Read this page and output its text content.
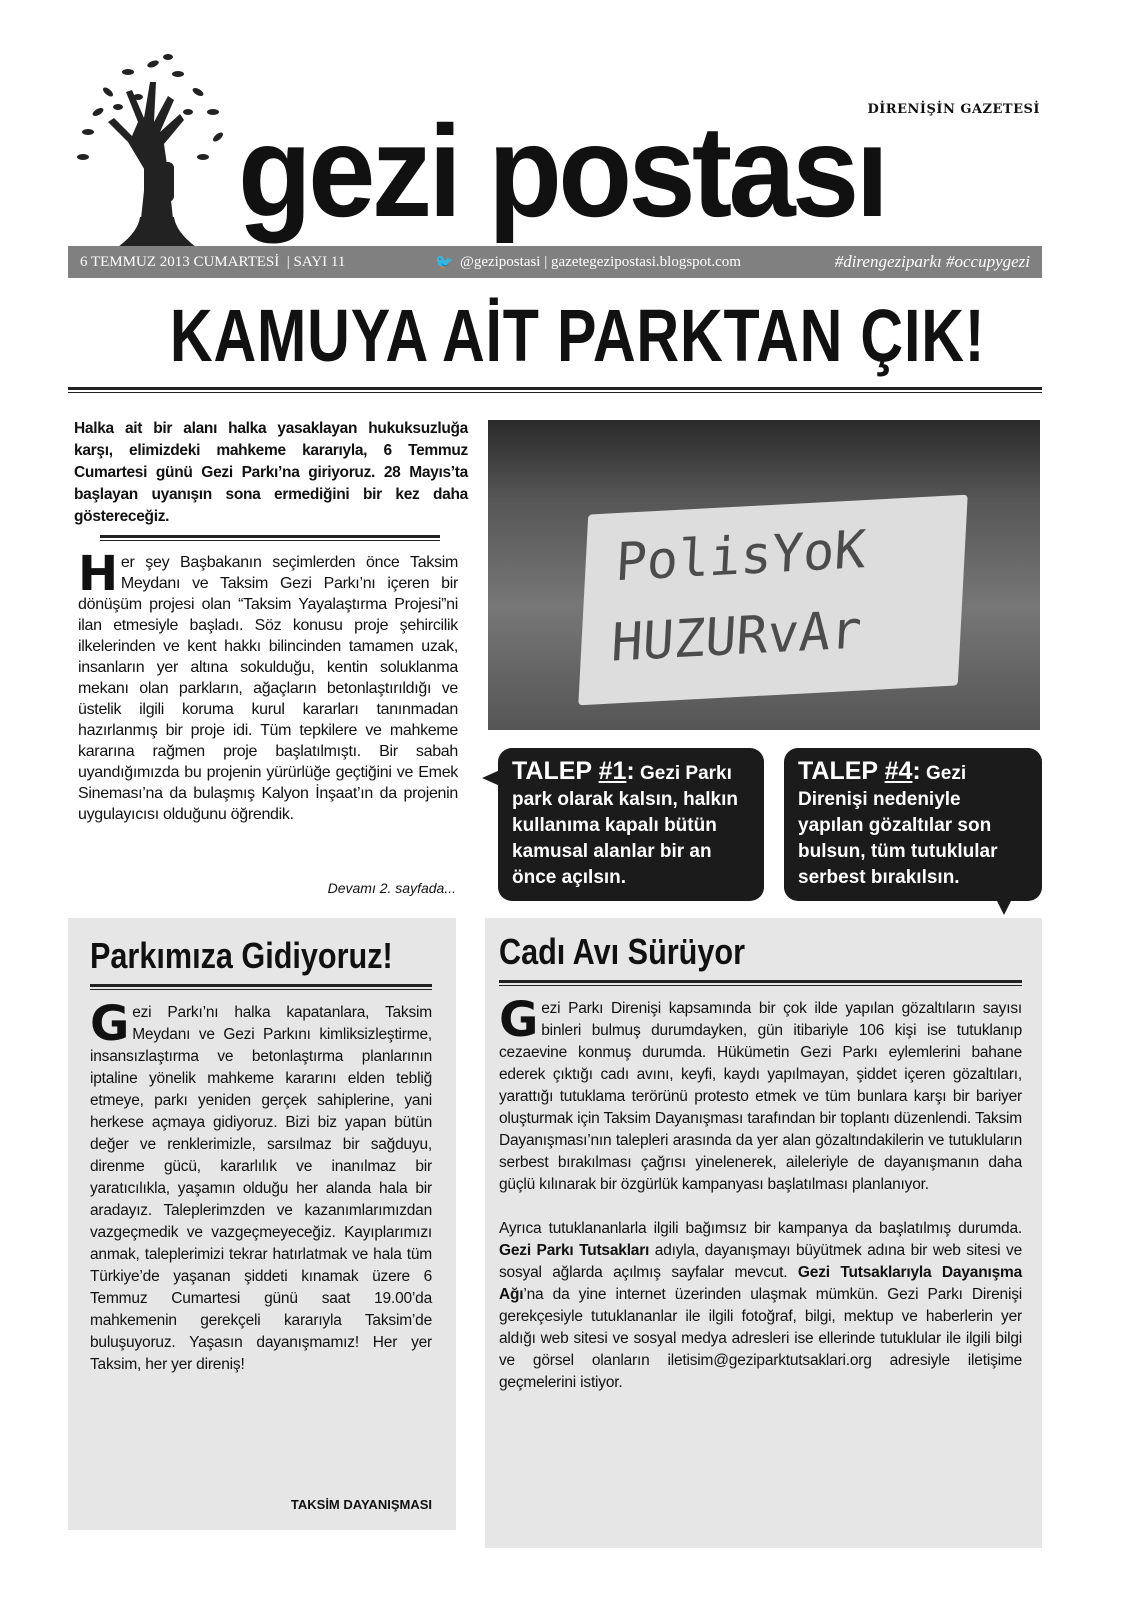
DİRENİŞİN GAZETESİ
gezi postası
6 TEMMUZ 2013 CUMARTESİ
| SAYI 11	🐦 @gezipostasi | gazetegezipostasi.blogspot.com	#direngeziparkı #occupygezi
KAMUYA AİT PARKTAN ÇIK!
Halka ait bir alanı halka yasaklayan hukuksuzluğa karşı, elimizdeki mahkeme kararıyla, 6 Temmuz Cumartesi günü Gezi Parkı’na giriyoruz. 28 Mayıs’ta başlayan uyanışın sona ermediğini bir kez daha göstereceğiz.
Her şey Başbakanın seçimlerden önce Taksim Meydanı ve Taksim Gezi Parkı’nı içeren bir dönüşüm projesi olan “Taksim Yayalaştırma Projesi”ni ilan etmesiyle başladı. Söz konusu proje şehircilik ilkelerinden ve kent hakkı bilincinden tamamen uzak, insanların yer altına sokulduğu, kentin soluklanma mekanı olan parkların, ağaçların betonlaştırıldığı ve üstelik ilgili koruma kurul kararları tanınmadan hazırlanmış bir proje idi. Tüm tepkilere ve mahkeme kararına rağmen proje başlatılmıştı. Bir sabah uyandığımızda bu projenin yürürlüğe geçtiğini ve Emek Sineması’na da bulaşmış Kalyon İnşaat’ın da projenin uygulayıcısı olduğunu öğrendik.
Devamı 2. sayfada...
PolisYoK
HUZURvAr
Parkımıza Gidiyoruz!
Gezi Parkı’nı halka kapatanlara, Taksim Meydanı ve Gezi Parkını kimliksizleştirme, insansızlaştırma ve betonlaştırma planlarının iptaline yönelik mahkeme kararını elden tebliğ etmeye, parkı yeniden gerçek sahiplerine, yani herkese açmaya gidiyoruz. Bizi biz yapan bütün değer ve renklerimizle, sarsılmaz bir sağduyu, direnme gücü, kararlılık ve inanılmaz bir yaratıcılıkla, yaşamın olduğu her alanda hala bir aradayız. Taleplerimzden ve kazanımlarımızdan vazgeçmedik ve vazgeçmeyeceğiz. Kayıplarımızı anmak, taleplerimizi tekrar hatırlatmak ve hala tüm Türkiye’de yaşanan şiddeti kınamak üzere 6 Temmuz Cumartesi günü saat 19.00’da mahkemenin gerekçeli kararıyla Taksim’de buluşuyoruz. Yaşasın dayanışmamız! Her yer Taksim, her yer direniş!
TAKSİM DAYANIŞMASI
Cadı Avı Sürüyor
Gezi Parkı Direnişi kapsamında bir çok ilde yapılan gözaltıların sayısı binleri bulmuş durumdayken, gün itibariyle 106 kişi ise tutuklanıp cezaevine konmuş durumda. Hükümetin Gezi Parkı eylemlerini bahane ederek çıktığı cadı avını, keyfi, kaydı yapılmayan, şiddet içeren gözaltıları, yarattığı tutuklama terörünü protesto etmek ve tüm bunlara karşı bir bariyer oluşturmak için Taksim Dayanışması tarafından bir toplantı düzenlendi. Taksim Dayanışması’nın talepleri arasında da yer alan gözaltındakilerin ve tutukluların serbest bırakılması çağrısı yinelenerek, aileleriyle de dayanışmanın daha güçlü kılınarak bir özgürlük kampanyası başlatılması planlanıyor.
Ayrıca tutuklananlarla ilgili bağımsız bir kampanya da başlatılmış durumda. Gezi Parkı Tutsakları adıyla, dayanışmayı büyütmek adına bir web sitesi ve sosyal ağlarda açılmış sayfalar mevcut. Gezi Tutsaklarıyla Dayanışma Ağı’na da yine internet üzerinden ulaşmak mümkün. Gezi Parkı Direnişi gerekçesiyle tutuklananlar ile ilgili fotoğraf, bilgi, mektup ve haberlerin yer aldığı web sitesi ve sosyal medya adresleri ise ellerinde tutuklular ile ilgili bilgi ve görsel olanların iletisim@geziparktutsaklari.org adresiyle iletişime geçmelerini istiyor.
TALEP #1: Gezi Parkı park olarak kalsın, halkın kullanıma kapalı bütün kamusal alanlar bir an önce açılsın.
TALEP #4: Gezi Direnişi nedeniyle yapılan gözaltılar son bulsun, tüm tutuklular serbest bırakılsın.
